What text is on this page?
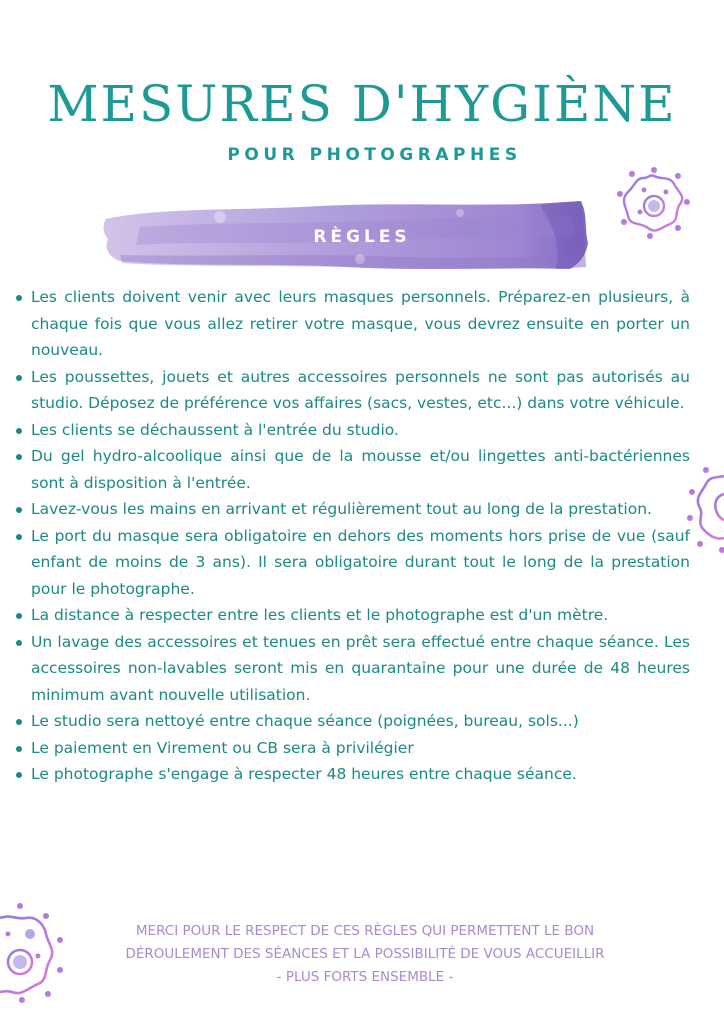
MESURES D'HYGIÈNE
POUR PHOTOGRAPHES
RÈGLES
Les clients doivent venir avec leurs masques personnels. Préparez-en plusieurs, à chaque fois que vous allez retirer votre masque, vous devrez ensuite en porter un nouveau.
Les poussettes, jouets et autres accessoires personnels ne sont pas autorisés au studio. Déposez de préférence vos affaires (sacs, vestes, etc...) dans votre véhicule.
Les clients se déchaussent à l'entrée du studio.
Du gel hydro-alcoolique ainsi que de la mousse et/ou lingettes anti-bactériennes sont à disposition à l'entrée.
Lavez-vous les mains en arrivant et régulièrement tout au long de la prestation.
Le port du masque sera obligatoire en dehors des moments hors prise de vue (sauf enfant de moins de 3 ans). Il sera obligatoire durant tout le long de la prestation pour le photographe.
La distance à respecter entre les clients et le photographe est d'un mètre.
Un lavage des accessoires et tenues en prêt sera effectué entre chaque séance. Les accessoires non-lavables seront mis en quarantaine pour une durée de 48 heures minimum avant nouvelle utilisation.
Le studio sera nettoyé entre chaque séance (poignées, bureau, sols...)
Le paiement en Virement ou CB sera à privilégier
Le photographe s'engage à respecter 48 heures entre chaque séance.
MERCI POUR LE RESPECT DE CES RÈGLES QUI PERMETTENT LE BON
DÉROULEMENT DES SÉANCES ET LA POSSIBILITÉ DE VOUS ACCUEILLIR
- PLUS FORTS ENSEMBLE -
